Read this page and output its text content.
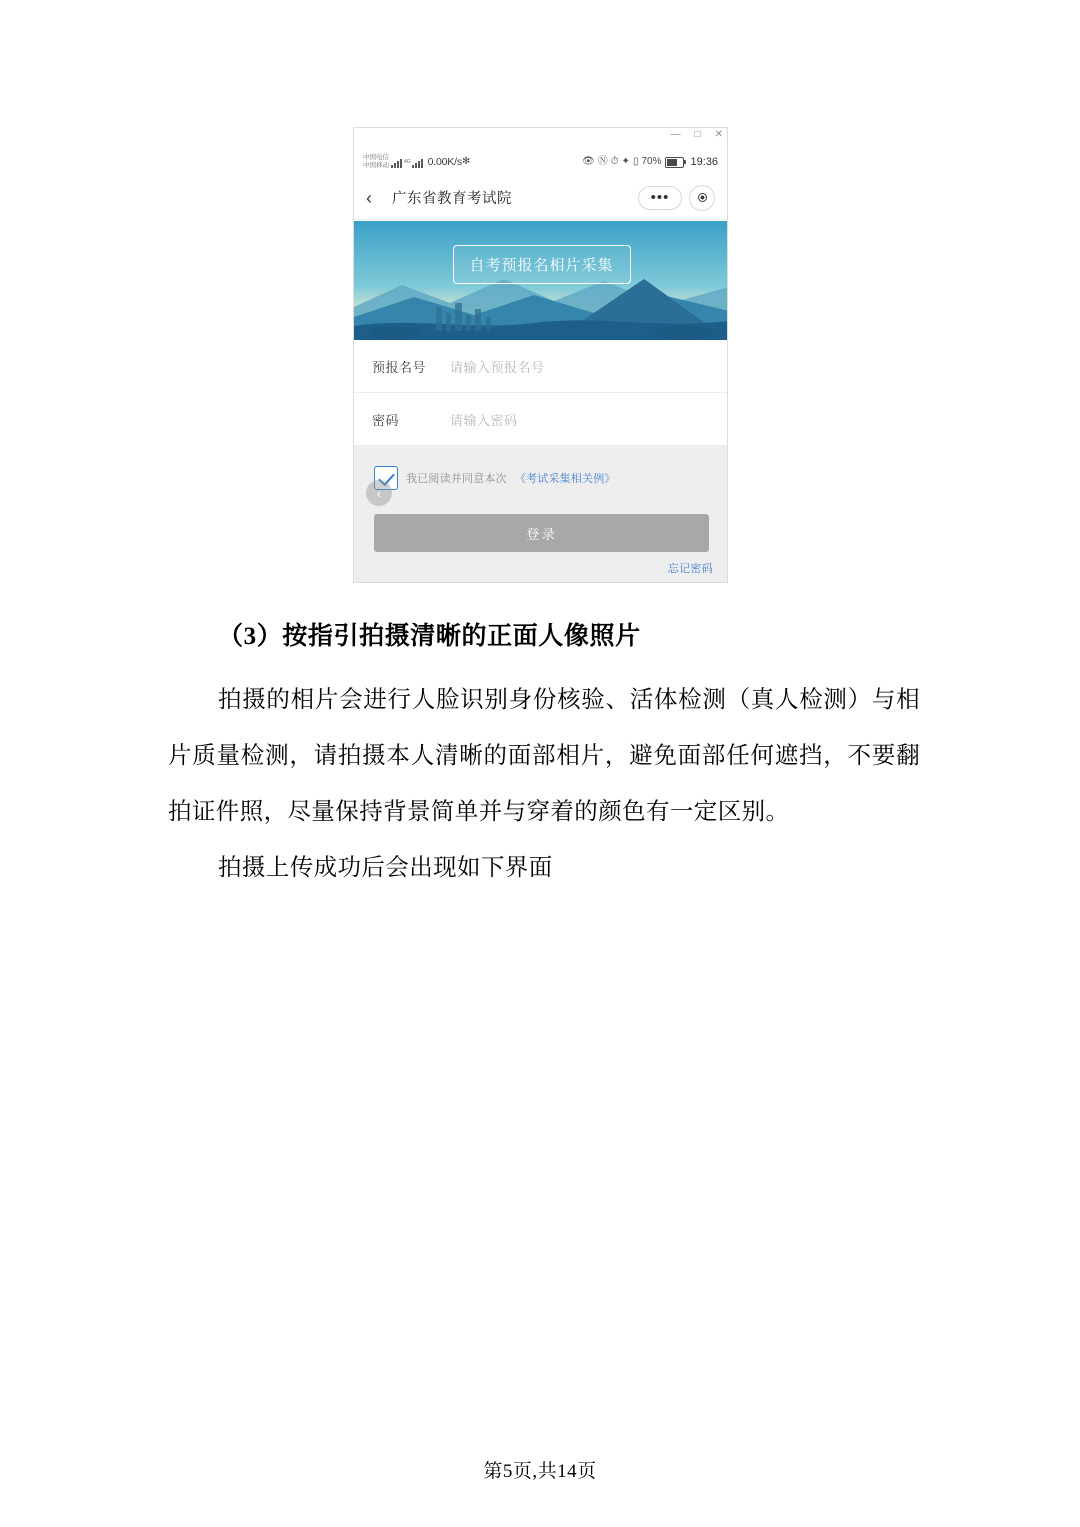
— □ ✕
中国电信
中国移动	4G 0.00K/s ✻	👁 Ⓝ ⏱ ✦ ▯ 70%	19:36
‹	广东省教育考试院	•••
自考预报名相片采集
预报名号	请输入预报名号
密码	请输入密码
我已阅读并同意本次 《考试采集相关例》
‹
登录
忘记密码
（3）按指引拍摄清晰的正面人像照片
拍摄的相片会进行人脸识别身份核验、活体检测（真人检测）与相片质量检测，请拍摄本人清晰的面部相片，避免面部任何遮挡，不要翻拍证件照，尽量保持背景简单并与穿着的颜色有一定区别。
拍摄上传成功后会出现如下界面
第5页,共14页
